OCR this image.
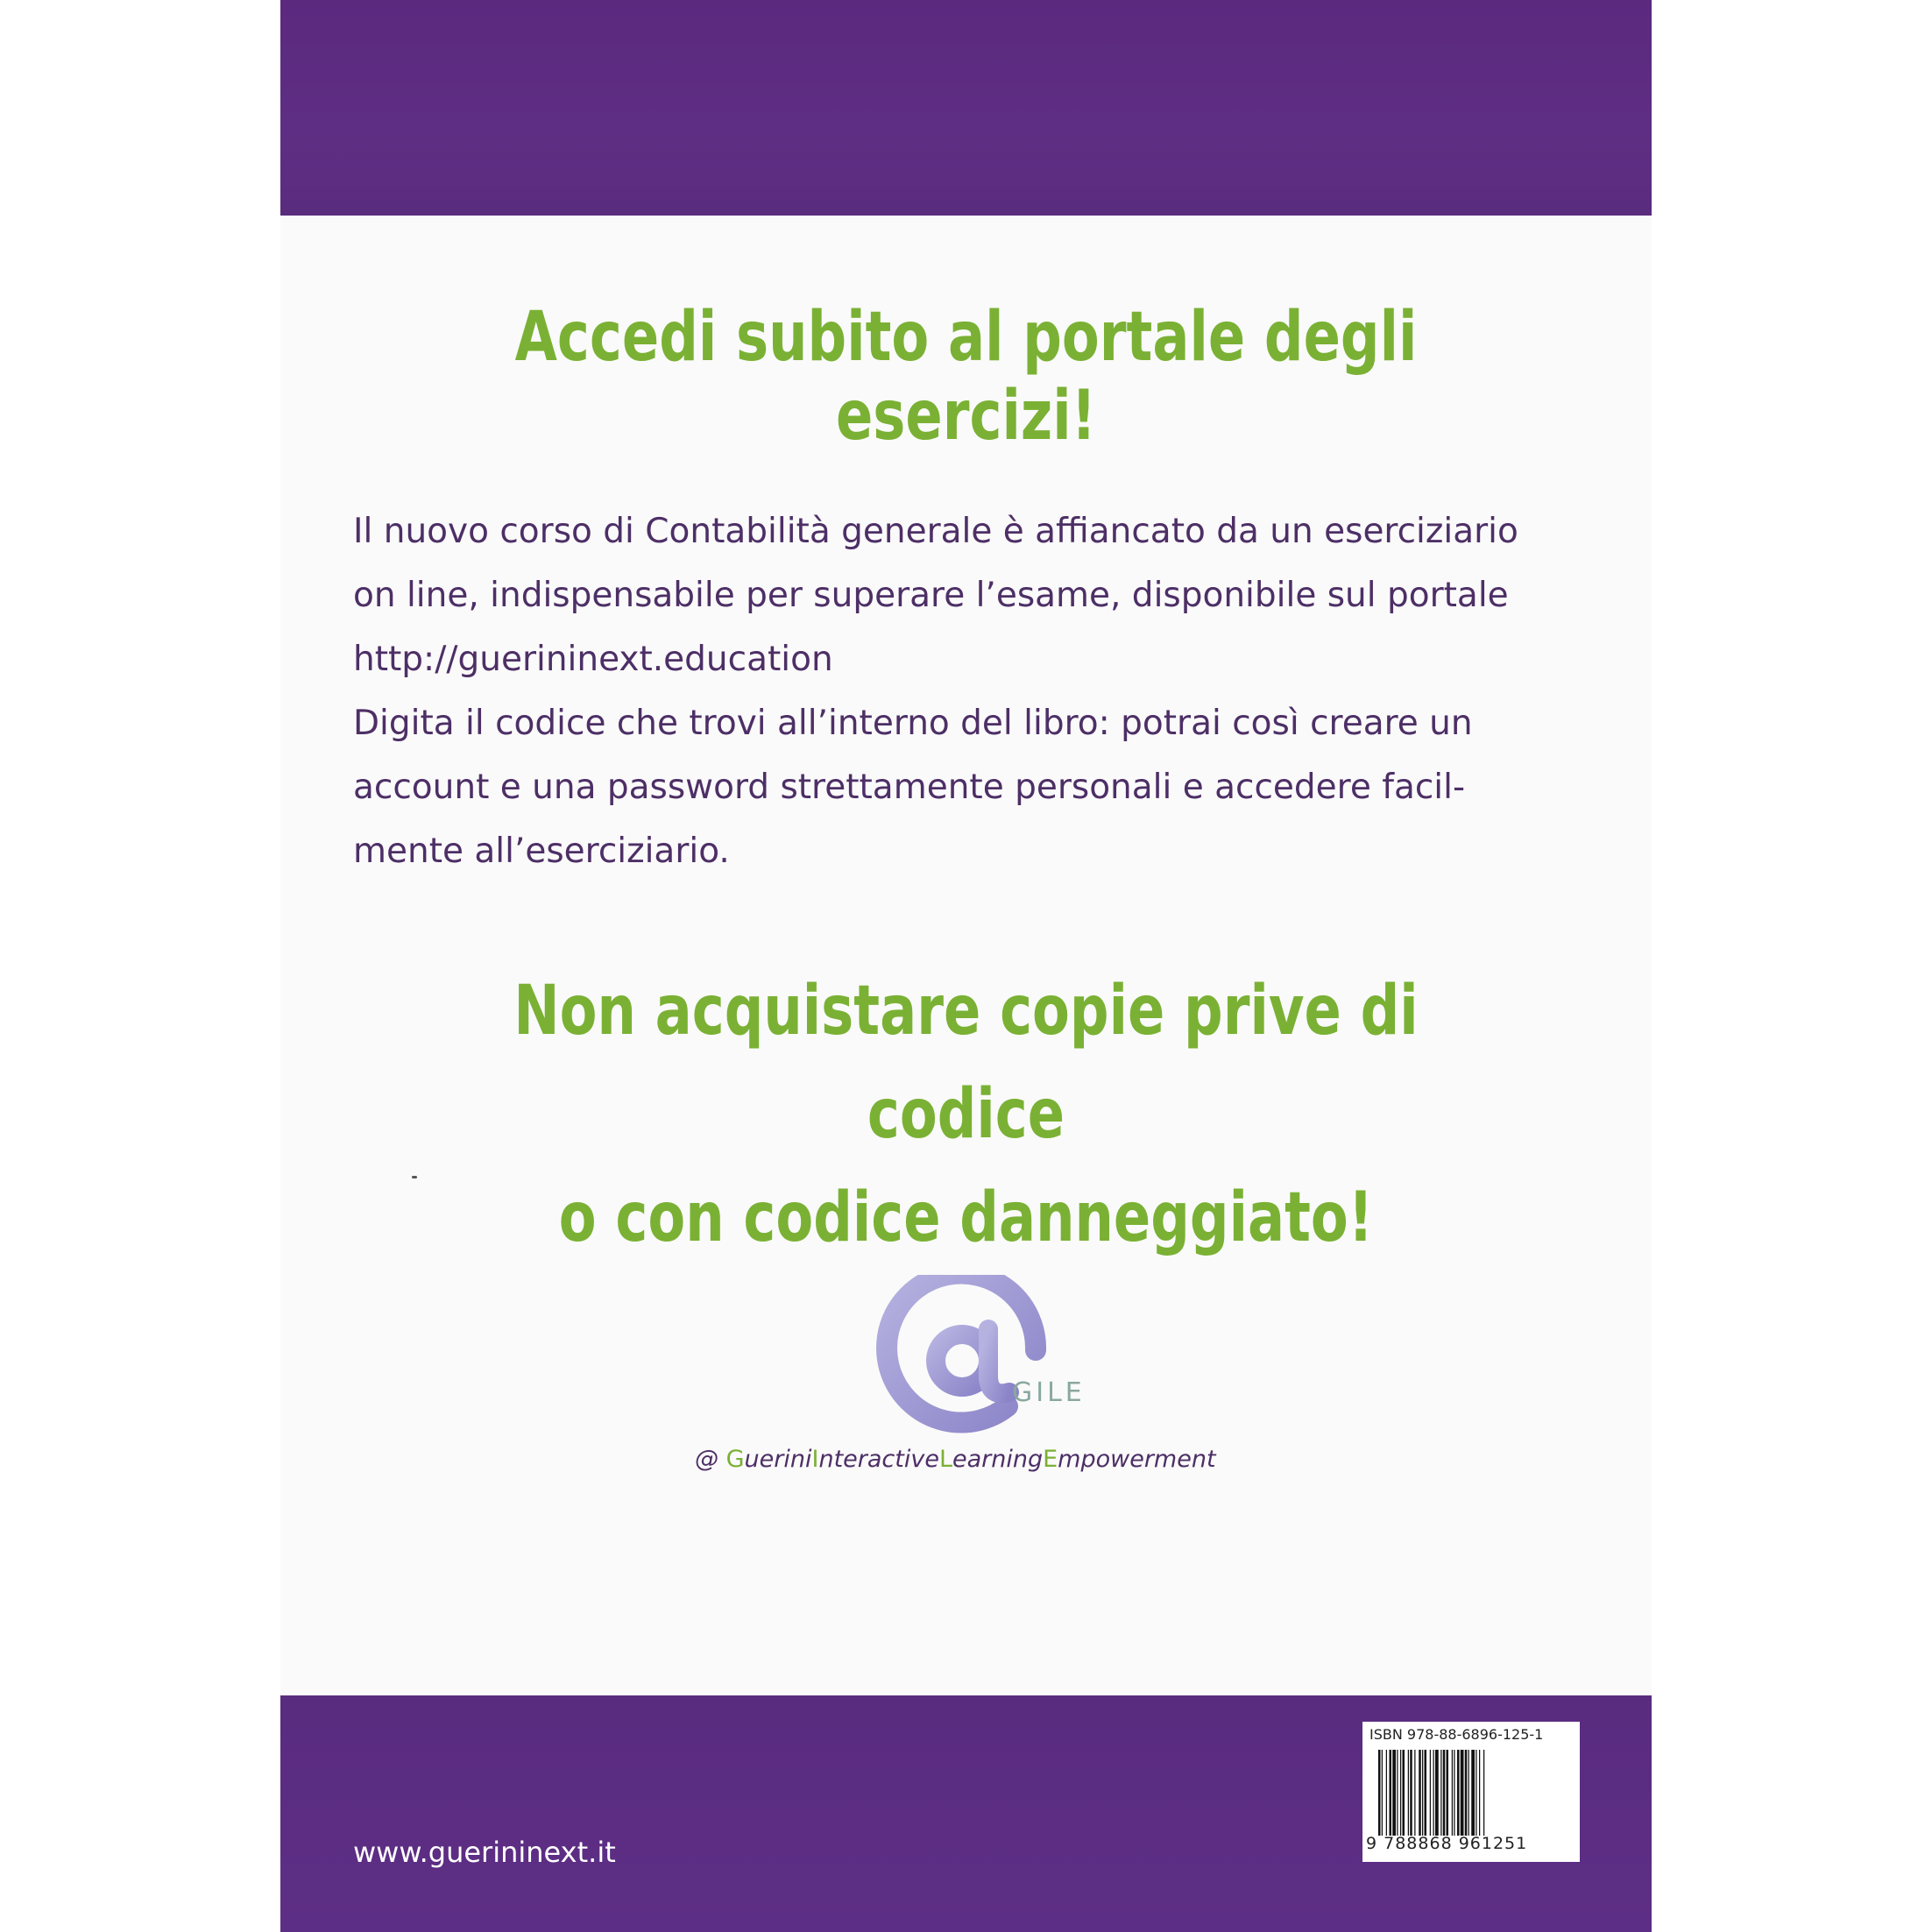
Accedi subito al portale degli esercizi!
Il nuovo corso di Contabilità generale è affiancato da un eserciziario
on line, indispensabile per superare l’esame, disponibile sul portale
http://guerininext.education
Digita il codice che trovi all’interno del libro: potrai così creare un
account e una password strettamente personali e accedere facil-
mente all’eserciziario.
Non acquistare copie prive di codice
o con codice danneggiato!
GILE

@ GueriniInteractiveLearningEmpowerment

www.guerininext.it
ISBN 978-88-6896-125-1
9 788868 961251
